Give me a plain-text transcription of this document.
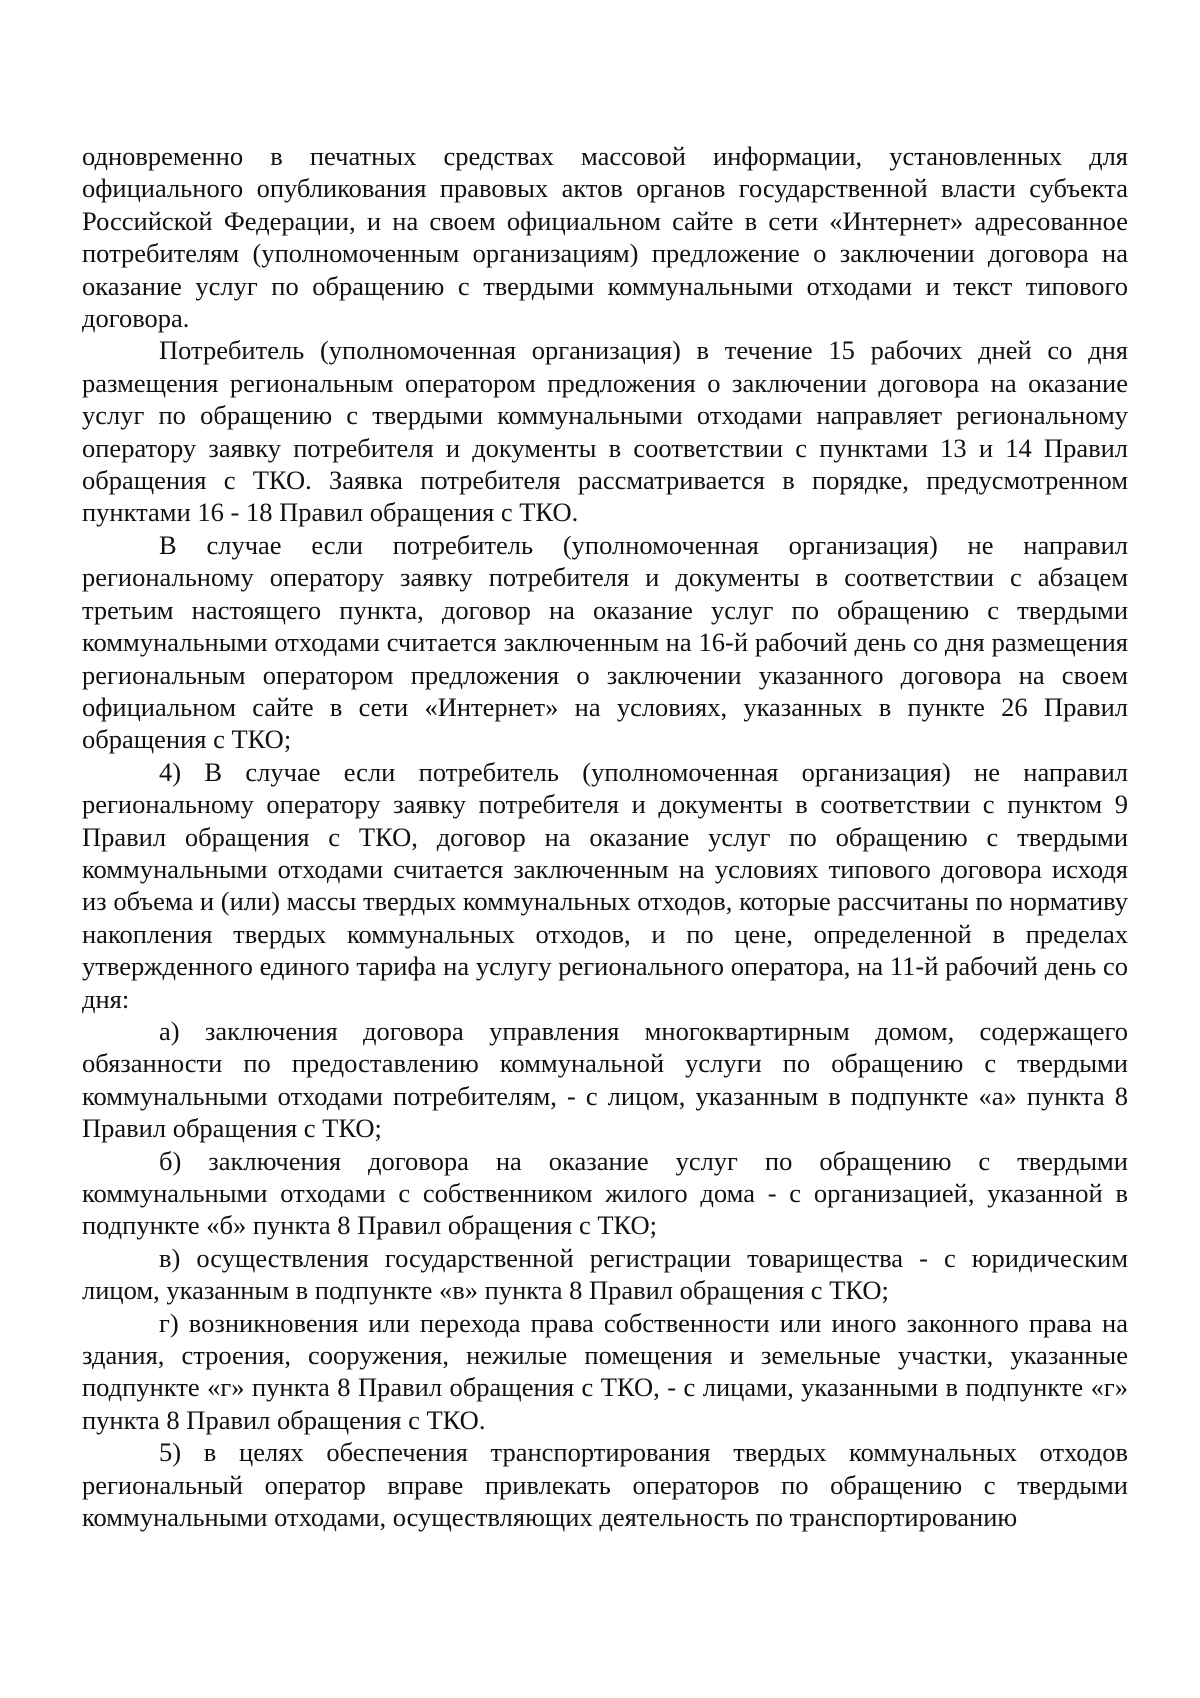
одновременно в печатных средствах массовой информации, установленных для официального опубликования правовых актов органов государственной власти субъекта Российской Федерации, и на своем официальном сайте в сети «Интернет» адресованное потребителям (уполномоченным организациям) предложение о заключении договора на оказание услуг по обращению с твердыми коммунальными отходами и текст типового договора.

Потребитель (уполномоченная организация) в течение 15 рабочих дней со дня размещения региональным оператором предложения о заключении договора на оказание услуг по обращению с твердыми коммунальными отходами направляет региональному оператору заявку потребителя и документы в соответствии с пунктами 13 и 14 Правил обращения с ТКО. Заявка потребителя рассматривается в порядке, предусмотренном пунктами 16 - 18 Правил обращения с ТКО.

В случае если потребитель (уполномоченная организация) не направил региональному оператору заявку потребителя и документы в соответствии с абзацем третьим настоящего пункта, договор на оказание услуг по обращению с твердыми коммунальными отходами считается заключенным на 16-й рабочий день со дня размещения региональным оператором предложения о заключении указанного договора на своем официальном сайте в сети «Интернет» на условиях, указанных в пункте 26 Правил обращения с ТКО;

4) В случае если потребитель (уполномоченная организация) не направил региональному оператору заявку потребителя и документы в соответствии с пунктом 9 Правил обращения с ТКО, договор на оказание услуг по обращению с твердыми коммунальными отходами считается заключенным на условиях типового договора исходя из объема и (или) массы твердых коммунальных отходов, которые рассчитаны по нормативу накопления твердых коммунальных отходов, и по цене, определенной в пределах утвержденного единого тарифа на услугу регионального оператора, на 11-й рабочий день со дня:

а) заключения договора управления многоквартирным домом, содержащего обязанности по предоставлению коммунальной услуги по обращению с твердыми коммунальными отходами потребителям, - с лицом, указанным в подпункте «а» пункта 8 Правил обращения с ТКО;

б) заключения договора на оказание услуг по обращению с твердыми коммунальными отходами с собственником жилого дома - с организацией, указанной в подпункте «б» пункта 8 Правил обращения с ТКО;

в) осуществления государственной регистрации товарищества - с юридическим лицом, указанным в подпункте «в» пункта 8 Правил обращения с ТКО;

г) возникновения или перехода права собственности или иного законного права на здания, строения, сооружения, нежилые помещения и земельные участки, указанные подпункте «г» пункта 8 Правил обращения с ТКО, - с лицами, указанными в подпункте «г» пункта 8 Правил обращения с ТКО.

5) в целях обеспечения транспортирования твердых коммунальных отходов региональный оператор вправе привлекать операторов по обращению с твердыми коммунальными отходами, осуществляющих деятельность по транспортированию
